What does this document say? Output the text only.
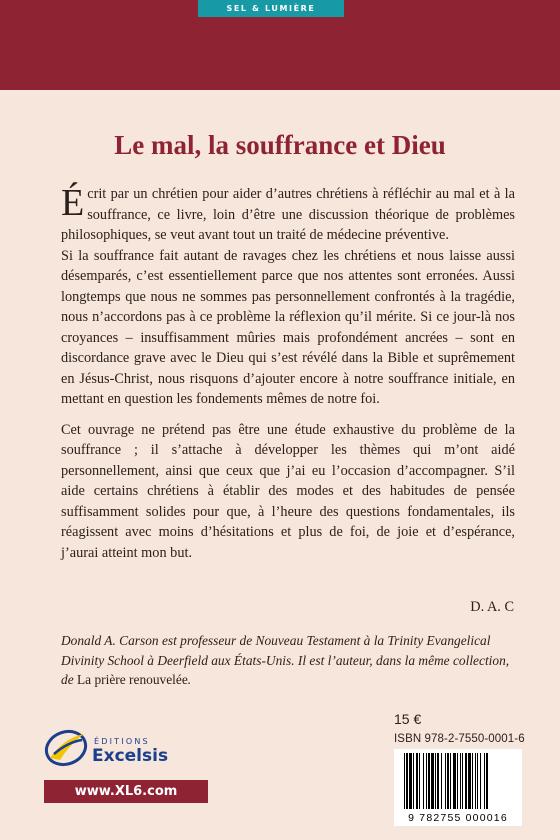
SEL & LUMIÈRE
Le mal, la souffrance et Dieu

Écrit par un chrétien pour aider d’autres chrétiens à réfléchir au mal et à la souffrance, ce livre, loin d’être une discussion théorique de problèmes philosophiques, se veut avant tout un traité de médecine préventive.

Si la souffrance fait autant de ravages chez les chrétiens et nous laisse aussi désemparés, c’est essentiellement parce que nos attentes sont erronées. Aussi longtemps que nous ne sommes pas personnellement confrontés à la tragédie, nous n’accordons pas à ce problème la réflexion qu’il mérite. Si ce jour-là nos croyances – insuffisamment mûries mais profondément ancrées – sont en discordance grave avec le Dieu qui s’est révélé dans la Bible et suprêmement en Jésus-Christ, nous risquons d’ajouter encore à notre souffrance initiale, en mettant en question les fondements mêmes de notre foi.

Cet ouvrage ne prétend pas être une étude exhaustive du problème de la souffrance ; il s’attache à développer les thèmes qui m’ont aidé personnellement, ainsi que ceux que j’ai eu l’occasion d’accompagner. S’il aide certains chrétiens à établir des modes et des habitudes de pensée suffisamment solides pour que, à l’heure des questions fondamentales, ils réagissent avec moins d’hésitations et plus de foi, de joie et d’espérance, j’aurai atteint mon but.

D. A. C

Donald A. Carson est professeur de Nouveau Testament à la Trinity Evangelical Divinity School à Deerfield aux États-Unis. Il est l’auteur, dans la même collection, de La prière renouvelée.

ÉDITIONS
Excelsis
www.XL6.com
15 €
ISBN 978-2-7550-0001-6
9 782755 000016
